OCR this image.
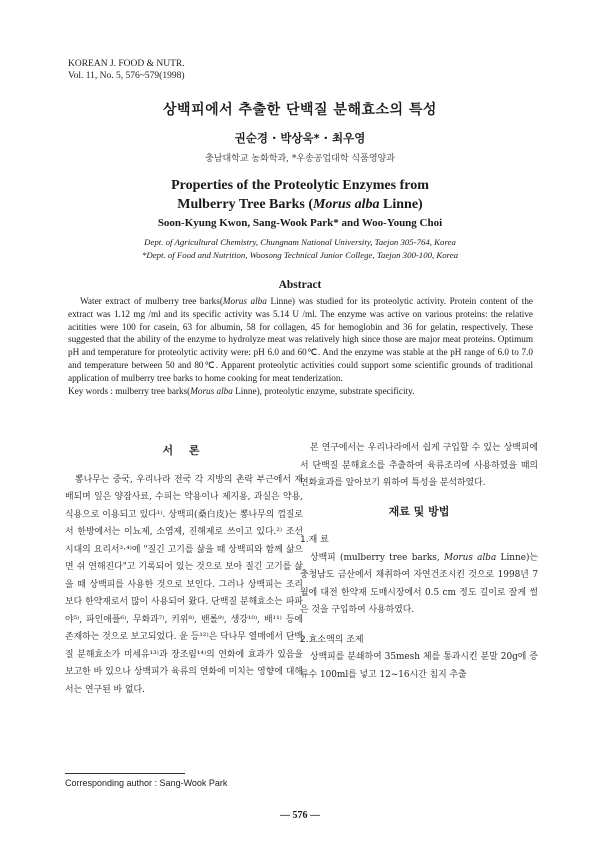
KOREAN J. FOOD & NUTR.
Vol. 11, No. 5, 576~579(1998)
상백피에서 추출한 단백질 분해효소의 특성
권순경 · 박상욱* · 최우영
충남대학교 농화학과, *우송공업대학 식품영양과
Properties of the Proteolytic Enzymes from
Mulberry Tree Barks (Morus alba Linne)
Soon-Kyung Kwon, Sang-Wook Park* and Woo-Young Choi
Dept. of Agricultural Chemistry, Chungnam National University, Taejon 305-764, Korea
*Dept. of Food and Nutrition, Woosong Technical Junior College, Taejon 300-100, Korea
Abstract

Water extract of mulberry tree barks(Morus alba Linne) was studied for its proteolytic activity. Protein content of the extract was 1.12 mg /ml and its specific activity was 5.14 U /ml. The enzyme was active on various proteins: the relative acitities were 100 for casein, 63 for albumin, 58 for collagen, 45 for hemoglobin and 36 for gelatin, respectively. These suggested that the ability of the enzyme to hydrolyze meat was relatively high since those are major meat proteins. Optimum pH and temperature for proteolytic activity were: pH 6.0 and 60℃. And the enzyme was stable at the pH range of 6.0 to 7.0 and temperature between 50 and 80℃. Apparent proteolytic activities could support some scientific grounds of traditional application of mulberry tree barks to home cooking for meat tenderization.

Key words : mulberry tree barks(Morus alba Linne), proteolytic enzyme, substrate specificity.

서 론

뽕나무는 중국, 우리나라 전국 각 지방의 촌락 부근에서 재배되며 잎은 양잠사료, 수피는 약용이나 제지용, 과실은 약용, 식용으로 이용되고 있다¹⁾. 상백피(桑白皮)는 뽕나무의 껍질로서 한방에서는 이뇨제, 소염제, 진해제로 쓰이고 있다.²⁾ 조선시대의 요리서³⋅⁴⁾에 "질긴 고기를 삶을 때 상백피와 함께 삶으면 쉬 연해진다"고 기록되어 있는 것으로 보아 질긴 고기를 삶을 때 상백피를 사용한 것으로 보인다. 그러나 상백피는 조리보다 한약재로서 많이 사용되어 왔다. 단백질 분해효소는 파파야⁵⁾, 파인애플⁶⁾, 무화과⁷⁾, 키위⁸⁾, 밴롤⁹⁾, 생강¹⁰⁾, 배¹¹⁾ 등에 존재하는 것으로 보고되었다. 윤 등¹²⁾은 닥나무 열매에서 단백질 분해효소가 미세유¹³⁾과 장조림¹⁴⁾의 연화에 효과가 있음을 보고한 바 있으나 상백피가 육류의 연화에 미치는 영향에 대해서는 연구된 바 없다.

본 연구에서는 우리나라에서 쉽게 구입할 수 있는 상백피에서 단백질 분해효소를 추출하여 육류조리에 사용하였을 때의 연화효과를 알아보기 위하여 특성을 분석하였다.

재료 및 방법

1.재 료

상백피 (mulberry tree barks, Morus alba Linne)는 충청남도 금산에서 채취하여 자연건조시킨 것으로 1998년 7월에 대전 한약재 도매시장에서 0.5 cm 정도 길이로 잘게 썰은 것을 구입하여 사용하였다.

2.효소액의 조제

상백피를 분쇄하여 35mesh 체를 통과시킨 분말 20g에 증류수 100ml를 넣고 12~16시간 침지 추출

Corresponding author : Sang-Wook Park
— 576 —
